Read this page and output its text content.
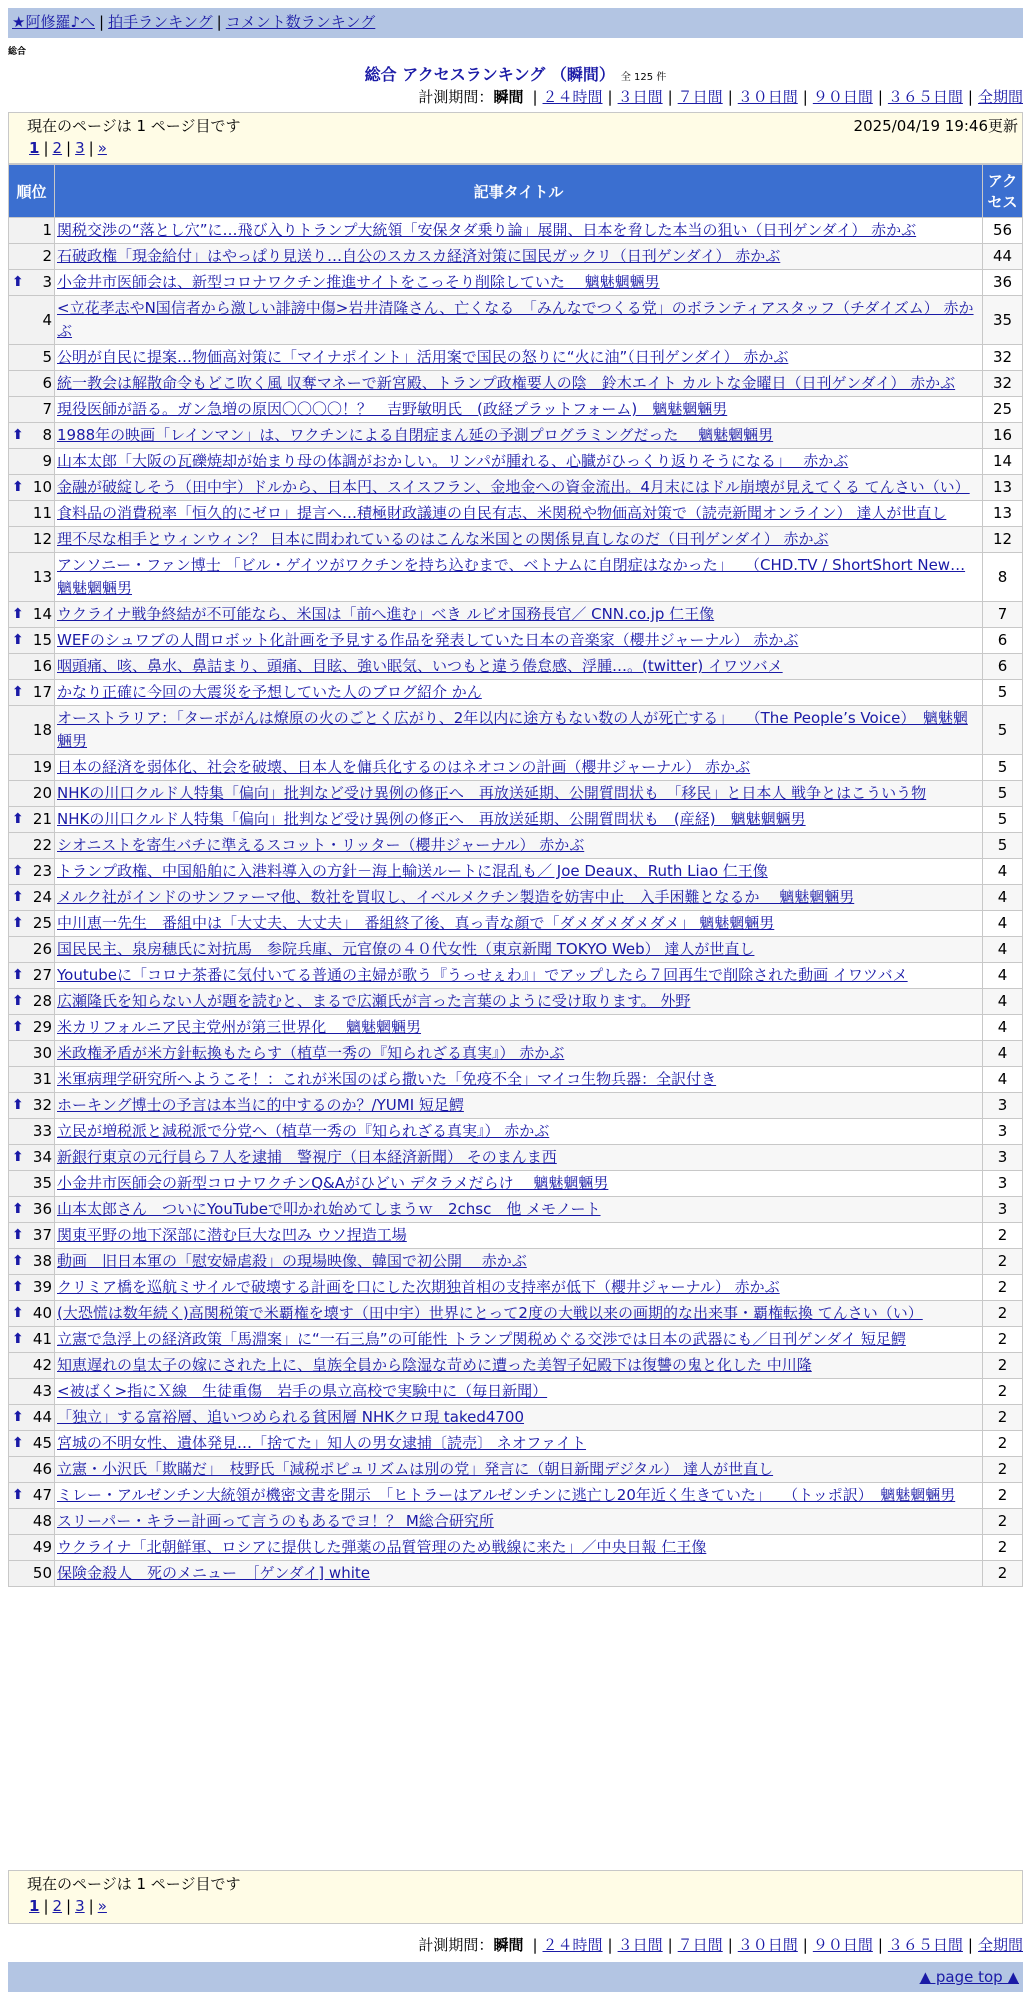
★阿修羅♪へ | 拍手ランキング | コメント数ランキング
総合
総合 アクセスランキング （瞬間） 全 125 件
計測期間：瞬間 | ２４時間 | ３日間 | ７日間 | ３０日間 | ９０日間 | ３６５日間 | 全期間
現在のページは 1 ページ目です	2025/04/19 19:46更新
1 | 2 | 3 | »
順位	記事タイトル	アクセス
1	関税交渉の“落とし穴”に…飛び入りトランプ大統領「安保タダ乗り論」展開、日本を脅した本当の狙い（日刊ゲンダイ） 赤かぶ	56
2	石破政権「現金給付」はやっぱり見送り…自公のスカスカ経済対策に国民ガックリ（日刊ゲンダイ） 赤かぶ	44

⬆ 3	小金井市医師会は、新型コロナワクチン推進サイトをこっそり削除していた　 魑魅魍魎男	36
4	<立花孝志やN国信者から激しい誹謗中傷>岩井清隆さん、亡くなる　「みんなでつくる党」のボランティアスタッフ（チダイズム） 赤かぶ	35
5	公明が自民に提案…物価高対策に「マイナポイント」活用案で国民の怒りに“火に油”（日刊ゲンダイ） 赤かぶ	32
6	統一教会は解散命令もどこ吹く風 収奪マネーで新宮殿、トランプ政権要人の陰　鈴木エイト カルトな金曜日（日刊ゲンダイ） 赤かぶ	32
7	現役医師が語る。ガン急増の原因〇〇〇〇！？　吉野敏明氏　(政経プラットフォーム)　魑魅魍魎男	25

⬆ 8	1988年の映画「レインマン」は、ワクチンによる自閉症まん延の予測プログラミングだった　 魑魅魍魎男	16
9	山本太郎「大阪の瓦礫焼却が始まり母の体調がおかしい。リンパが腫れる、心臓がひっくり返りそうになる」　 赤かぶ	14

⬆ 10	金融が破綻しそう（田中宇）ドルから、日本円、スイスフラン、金地金への資金流出。4月末にはドル崩壊が見えてくる てんさい（い）	13
11	食料品の消費税率「恒久的にゼロ」提言へ…積極財政議連の自民有志、米関税や物価高対策で（読売新聞オンライン） 達人が世直し	13
12	理不尽な相手とウィンウィン？ 日本に問われているのはこんな米国との関係見直しなのだ（日刊ゲンダイ） 赤かぶ	12
13	アンソニー・ファン博士 「ビル・ゲイツがワクチンを持ち込むまで、ベトナムに自閉症はなかった」　 （CHD.TV / ShortShort New… 魑魅魍魎男	8

⬆ 14	ウクライナ戦争終結が不可能なら、米国は「前へ進む」べき ルビオ国務長官／ CNN.co.jp 仁王像	7

⬆ 15	WEFのシュワブの人間ロボット化計画を予見する作品を発表していた日本の音楽家（櫻井ジャーナル） 赤かぶ	6
16	咽頭痛、咳、鼻水、鼻詰まり、頭痛、目眩、強い眠気、いつもと違う倦怠感、浮腫…。(twitter) イワツバメ	6

⬆ 17	かなり正確に今回の大震災を予想していた人のブログ紹介 かん	5
18	オーストラリア：「ターボがんは燎原の火のごとく広がり、2年以内に途方もない数の人が死亡する」　 （The People’s Voice）　魑魅魍魎男	5
19	日本の経済を弱体化、社会を破壊、日本人を傭兵化するのはネオコンの計画（櫻井ジャーナル） 赤かぶ	5
20	NHKの川口クルド人特集「偏向」批判など受け異例の修正へ　再放送延期、公開質問状も　「移民」と日本人 戦争とはこういう物	5

⬆ 21	NHKの川口クルド人特集「偏向」批判など受け異例の修正へ　再放送延期、公開質問状も　(産経)　魑魅魍魎男	5
22	シオニストを寄生バチに準えるスコット・リッター（櫻井ジャーナル） 赤かぶ	5

⬆ 23	トランプ政権、中国船舶に入港料導入の方針－海上輸送ルートに混乱も／ Joe Deaux、Ruth Liao 仁王像	4

⬆ 24	メルク社がインドのサンファーマ他、数社を買収し、イベルメクチン製造を妨害中止　入手困難となるか　 魑魅魍魎男	4

⬆ 25	中川恵一先生　番組中は「大丈夫、大丈夫」　番組終了後、真っ青な顔で「ダメダメダメダメ」 魑魅魍魎男	4
26	国民民主、泉房穂氏に対抗馬　参院兵庫、元官僚の４０代女性（東京新聞 TOKYO Web） 達人が世直し	4

⬆ 27	Youtubeに「コロナ茶番に気付いてる普通の主婦が歌う『うっせぇわ』」でアップしたら７回再生で削除された動画 イワツバメ	4

⬆ 28	広瀬隆氏を知らない人が題を読むと、まるで広瀬氏が言った言葉のように受け取ります。 外野	4

⬆ 29	米カリフォルニア民主党州が第三世界化　 魑魅魍魎男	4
30	米政権矛盾が米方針転換もたらす（植草一秀の『知られざる真実』） 赤かぶ	4
31	米軍病理学研究所へようこそ！：これが米国のばら撒いた「免疫不全」マイコ生物兵器：全訳付き	4

⬆ 32	ホーキング博士の予言は本当に的中するのか？/YUMI 短足鰐	3
33	立民が増税派と減税派で分党へ（植草一秀の『知られざる真実』） 赤かぶ	3

⬆ 34	新銀行東京の元行員ら７人を逮捕　警視庁（日本経済新聞） そのまんま西	3
35	小金井市医師会の新型コロナワクチンQ&Aがひどい デタラメだらけ　 魑魅魍魎男	3

⬆ 36	山本太郎さん　ついにYouTubeで叩かれ始めてしまうｗ　2chsc　他 メモノート	3

⬆ 37	関東平野の地下深部に潜む巨大な凹み ウソ捏造工場	2

⬆ 38	動画　旧日本軍の「慰安婦虐殺」の現場映像、韓国で初公開　 赤かぶ	2

⬆ 39	クリミア橋を巡航ミサイルで破壊する計画を口にした次期独首相の支持率が低下（櫻井ジャーナル） 赤かぶ	2

⬆ 40	(大恐慌は数年続く)高関税策で米覇権を壊す（田中宇）世界にとって2度の大戦以来の画期的な出来事・覇権転換 てんさい（い）	2

⬆ 41	立憲で急浮上の経済政策「馬淵案」に“一石三鳥”の可能性 トランプ関税めぐる交渉では日本の武器にも／日刊ゲンダイ 短足鰐	2
42	知恵遅れの皇太子の嫁にされた上に、皇族全員から陰湿な苛めに遭った美智子妃殿下は復讐の鬼と化した 中川隆	2
43	<被ばく>指にＸ線　生徒重傷　岩手の県立高校で実験中に（毎日新聞）	2

⬆ 44	「独立」する富裕層、追いつめられる貧困層 NHKクロ現 taked4700	2

⬆ 45	宮城の不明女性、遺体発見…「捨てた」知人の男女逮捕〔読売〕 ネオファイト	2
46	立憲・小沢氏「欺瞞だ」　枝野氏「減税ポピュリズムは別の党」発言に（朝日新聞デジタル） 達人が世直し	2

⬆ 47	ミレー・アルゼンチン大統領が機密文書を開示　「ヒトラーはアルゼンチンに逃亡し20年近く生きていた」　 （トッポ訳）　魑魅魍魎男	2
48	スリーパー・キラー計画って言うのもあるでヨ！？ M総合研究所	2
49	ウクライナ「北朝鮮軍、ロシアに提供した弾薬の品質管理のため戦線に来た」／中央日報 仁王像	2
50	保険金殺人　死のメニュー　［ゲンダイ] white	2
現在のページは 1 ページ目です
1 | 2 | 3 | »
計測期間：瞬間 | ２４時間 | ３日間 | ７日間 | ３０日間 | ９０日間 | ３６５日間 | 全期間
▲ page top ▲
